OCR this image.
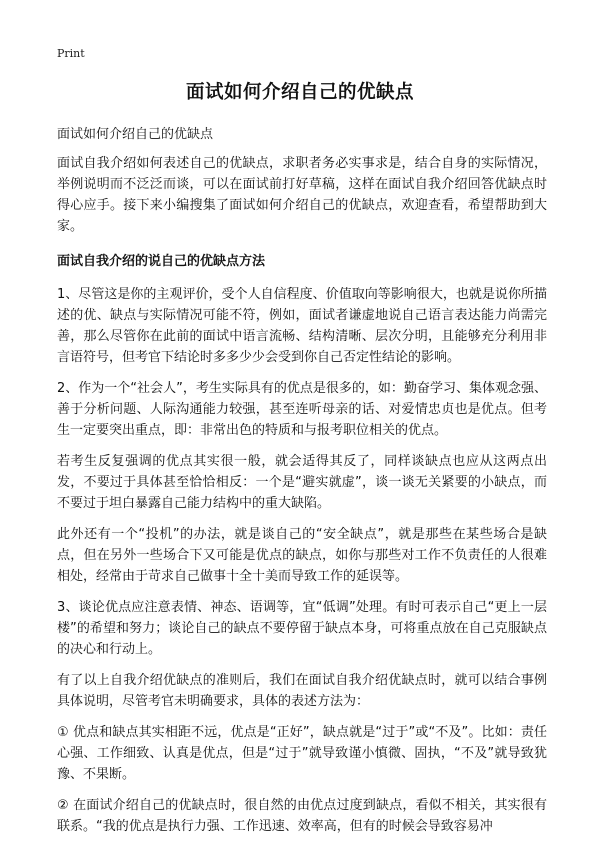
Print
面试如何介绍自己的优缺点

面试如何介绍自己的优缺点

面试自我介绍如何表述自己的优缺点，求职者务必实事求是，结合自身的实际情况，举例说明而不泛泛而谈，可以在面试前打好草稿，这样在面试自我介绍回答优缺点时得心应手。接下来小编搜集了面试如何介绍自己的优缺点，欢迎查看，希望帮助到大家。

面试自我介绍的说自己的优缺点方法

1、尽管这是你的主观评价，受个人自信程度、价值取向等影响很大，也就是说你所描述的优、缺点与实际情况可能不符，例如，面试者谦虚地说自己语言表达能力尚需完善，那么尽管你在此前的面试中语言流畅、结构清晰、层次分明，且能够充分利用非言语符号，但考官下结论时多多少少会受到你自己否定性结论的影响。

2、作为一个“社会人”，考生实际具有的优点是很多的，如：勤奋学习、集体观念强、善于分析问题、人际沟通能力较强，甚至连听母亲的话、对爱情忠贞也是优点。但考生一定要突出重点，即：非常出色的特质和与报考职位相关的优点。

若考生反复强调的优点其实很一般，就会适得其反了，同样谈缺点也应从这两点出发，不要过于具体甚至恰恰相反：一个是“避实就虚”，谈一谈无关紧要的小缺点，而不要过于坦白暴露自己能力结构中的重大缺陷。

此外还有一个“投机”的办法，就是谈自己的“安全缺点”，就是那些在某些场合是缺点，但在另外一些场合下又可能是优点的缺点，如你与那些对工作不负责任的人很难相处，经常由于苛求自己做事十全十美而导致工作的延误等。

3、谈论优点应注意表情、神态、语调等，宜“低调”处理。有时可表示自己“更上一层楼”的希望和努力；谈论自己的缺点不要停留于缺点本身，可将重点放在自己克服缺点的决心和行动上。

有了以上自我介绍优缺点的准则后，我们在面试自我介绍优缺点时，就可以结合事例具体说明，尽管考官未明确要求，具体的表述方法为：

① 优点和缺点其实相距不远，优点是“正好”，缺点就是“过于”或“不及”。比如：责任心强、工作细致、认真是优点，但是“过于”就导致谨小慎微、固执，“不及”就导致犹豫、不果断。

② 在面试介绍自己的优缺点时，很自然的由优点过度到缺点，看似不相关，其实很有联系。“我的优点是执行力强、工作迅速、效率高，但有的时候会导致容易冲
